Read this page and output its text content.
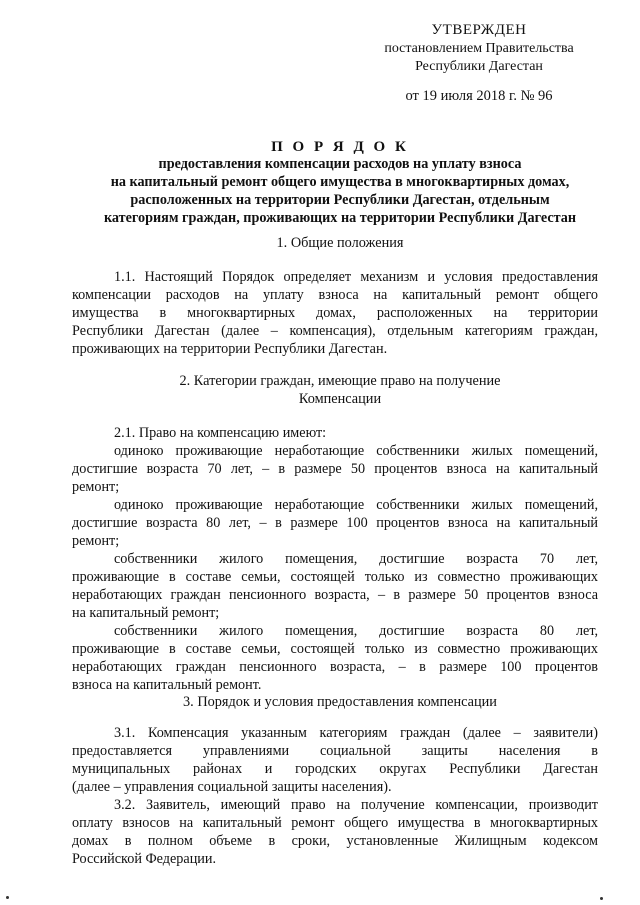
УТВЕРЖДЕН
постановлением Правительства
Республики Дагестан
от 19 июля 2018 г. № 96
П О Р Я Д О К
предоставления компенсации расходов на уплату взноса
на капитальный ремонт общего имущества в многоквартирных домах,
расположенных на территории Республики Дагестан, отдельным
категориям граждан, проживающих на территории Республики Дагестан
1. Общие положения
1.1. Настоящий Порядок определяет механизм и условия предоставления
компенсации расходов на уплату взноса на капитальный ремонт общего
имущества в многоквартирных домах, расположенных на территории
Республики Дагестан (далее – компенсация), отдельным категориям граждан,
проживающих на территории Республики Дагестан.
2. Категории граждан, имеющие право на получение
Компенсации
2.1. Право на компенсацию имеют:
одиноко проживающие неработающие собственники жилых помещений,
достигшие возраста 70 лет, – в размере 50 процентов взноса на капитальный
ремонт;
одиноко проживающие неработающие собственники жилых помещений,
достигшие возраста 80 лет, – в размере 100 процентов взноса на капитальный
ремонт;
собственники жилого помещения, достигшие возраста 70 лет,
проживающие в составе семьи, состоящей только из совместно проживающих
неработающих граждан пенсионного возраста, – в размере 50 процентов взноса
на капитальный ремонт;
собственники жилого помещения, достигшие возраста 80 лет,
проживающие в составе семьи, состоящей только из совместно проживающих
неработающих граждан пенсионного возраста, – в размере 100 процентов
взноса на капитальный ремонт.
3. Порядок и условия предоставления компенсации
3.1. Компенсация указанным категориям граждан (далее – заявители)
предоставляется управлениями социальной защиты населения в
муниципальных районах и городских округах Республики Дагестан
(далее – управления социальной защиты населения).
3.2. Заявитель, имеющий право на получение компенсации, производит
оплату взносов на капитальный ремонт общего имущества в многоквартирных
домах в полном объеме в сроки, установленные Жилищным кодексом
Российской Федерации.
